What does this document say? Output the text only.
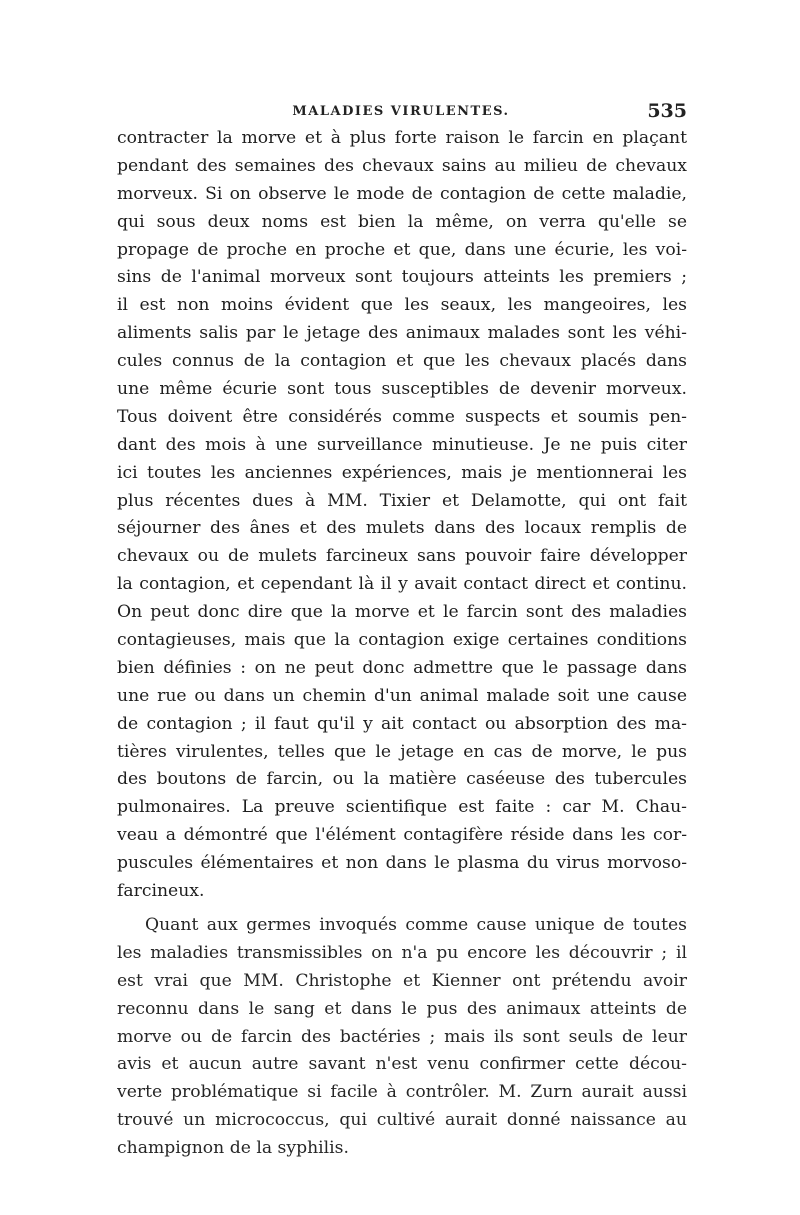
MALADIES VIRULENTES.	535
contracter la morve et à plus forte raison le farcin en plaçant
pendant des semaines des chevaux sains au milieu de chevaux
morveux. Si on observe le mode de contagion de cette maladie,
qui sous deux noms est bien la même, on verra qu'elle se
propage de proche en proche et que, dans une écurie, les voi-
sins de l'animal morveux sont toujours atteints les premiers ;
il est non moins évident que les seaux, les mangeoires, les
aliments salis par le jetage des animaux malades sont les véhi-
cules connus de la contagion et que les chevaux placés dans
une même écurie sont tous susceptibles de devenir morveux.
Tous doivent être considérés comme suspects et soumis pen-
dant des mois à une surveillance minutieuse. Je ne puis citer
ici toutes les anciennes expériences, mais je mentionnerai les
plus récentes dues à MM. Tixier et Delamotte, qui ont fait
séjourner des ânes et des mulets dans des locaux remplis de
chevaux ou de mulets farcineux sans pouvoir faire développer
la contagion, et cependant là il y avait contact direct et continu.
On peut donc dire que la morve et le farcin sont des maladies
contagieuses, mais que la contagion exige certaines conditions
bien définies : on ne peut donc admettre que le passage dans
une rue ou dans un chemin d'un animal malade soit une cause
de contagion ; il faut qu'il y ait contact ou absorption des ma-
tières virulentes, telles que le jetage en cas de morve, le pus
des boutons de farcin, ou la matière caséeuse des tubercules
pulmonaires. La preuve scientifique est faite : car M. Chau-
veau a démontré que l'élément contagifère réside dans les cor-
puscules élémentaires et non dans le plasma du virus morvoso-
farcineux.
Quant aux germes invoqués comme cause unique de toutes
les maladies transmissibles on n'a pu encore les découvrir ; il
est vrai que MM. Christophe et Kienner ont prétendu avoir
reconnu dans le sang et dans le pus des animaux atteints de
morve ou de farcin des bactéries ; mais ils sont seuls de leur
avis et aucun autre savant n'est venu confirmer cette décou-
verte problématique si facile à contrôler. M. Zurn aurait aussi
trouvé un micrococcus, qui cultivé aurait donné naissance au
champignon de la syphilis.
